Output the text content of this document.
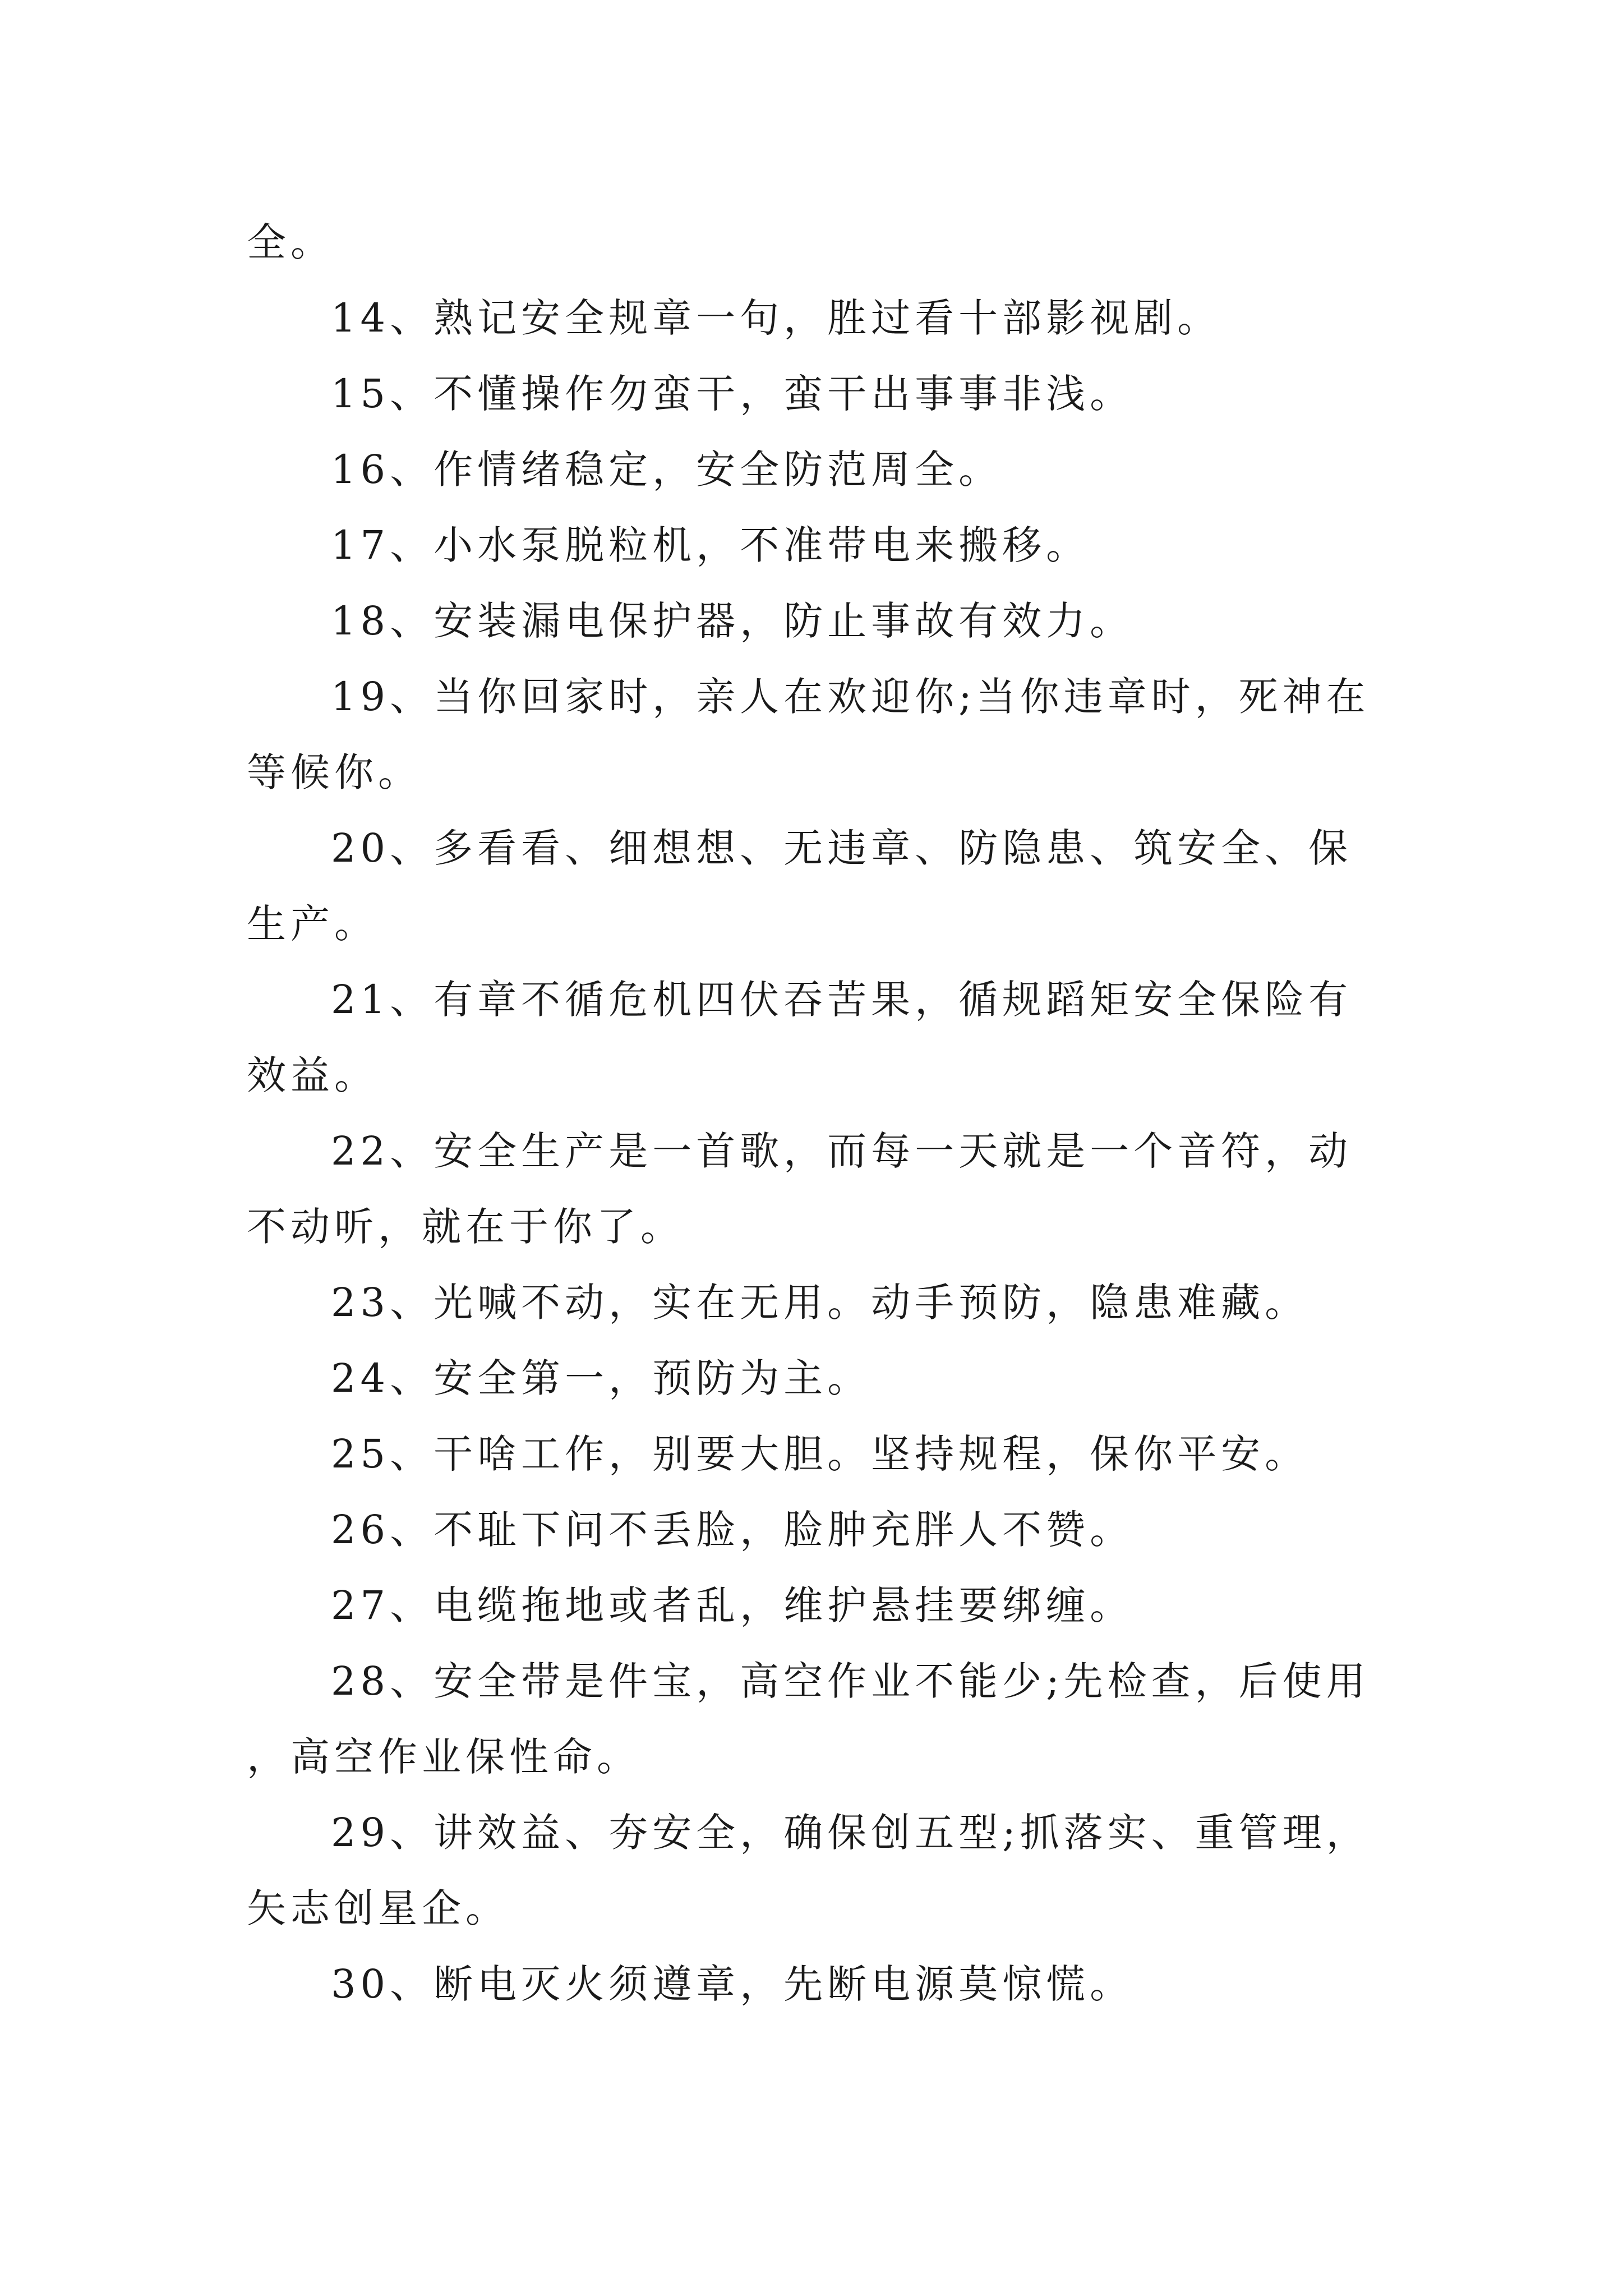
全。

14、熟记安全规章一句，胜过看十部影视剧。

15、不懂操作勿蛮干，蛮干出事事非浅。

16、作情绪稳定，安全防范周全。

17、小水泵脱粒机，不准带电来搬移。

18、安装漏电保护器，防止事故有效力。

19、当你回家时，亲人在欢迎你;当你违章时，死神在等候你。

20、多看看、细想想、无违章、防隐患、筑安全、保生产。

21、有章不循危机四伏吞苦果，循规蹈矩安全保险有效益。

22、安全生产是一首歌，而每一天就是一个音符，动不动听，就在于你了。

23、光喊不动，实在无用。动手预防，隐患难藏。

24、安全第一，预防为主。

25、干啥工作，别要大胆。坚持规程，保你平安。

26、不耻下问不丢脸，脸肿充胖人不赞。

27、电缆拖地或者乱，维护悬挂要绑缠。

28、安全带是件宝，高空作业不能少;先检查，后使用，高空作业保性命。

29、讲效益、夯安全，确保创五型;抓落实、重管理，矢志创星企。

30、断电灭火须遵章，先断电源莫惊慌。
